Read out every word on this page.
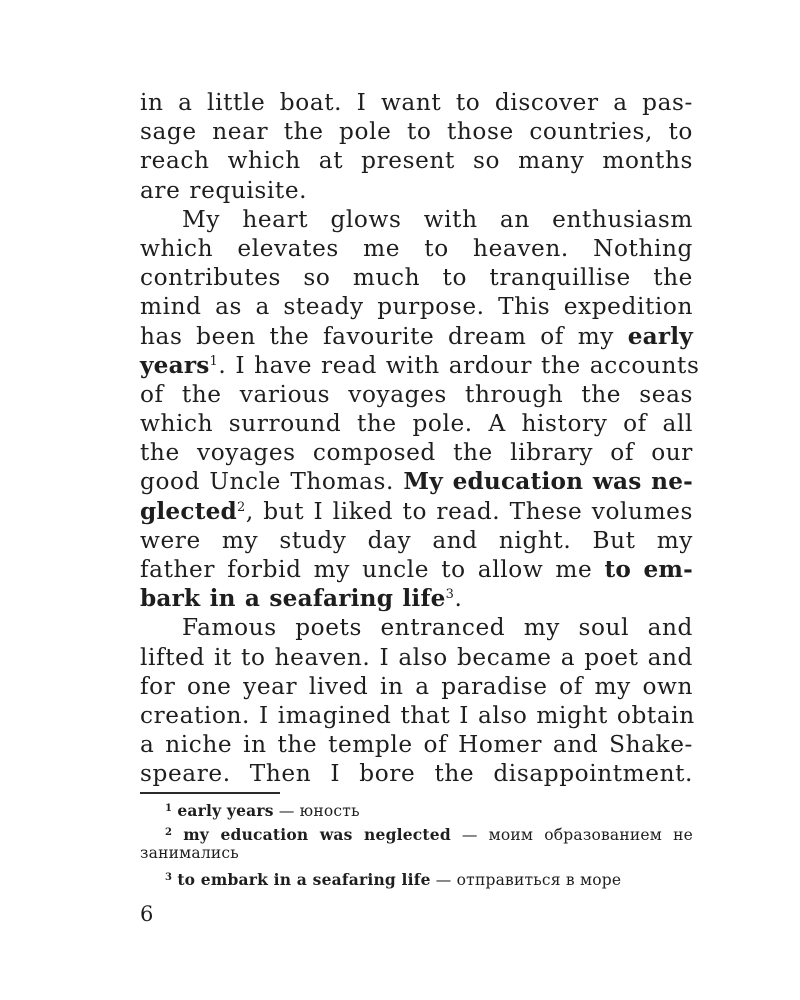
in a little boat. I want to discover a pas-
sage near the pole to those countries, to
reach which at present so many months
are requisite.
My heart glows with an enthusiasm
which elevates me to heaven. Nothing
contributes so much to tranquillise the
mind as a steady purpose. This expedition
has been the favourite dream of my early
years$^1$. I have read with ardour the accounts
of the various voyages through the seas
which surround the pole. A history of all
the voyages composed the library of our
good Uncle Thomas. My education was ne-
glected$^2$, but I liked to read. These volumes
were my study day and night. But my
father forbid my uncle to allow me to em-
bark in a seafaring life$^3$.
Famous poets entranced my soul and
lifted it to heaven. I also became a poet and
for one year lived in a paradise of my own
creation. I imagined that I also might obtain
a niche in the temple of Homer and Shake-
speare. Then I bore the disappointment.
$^1$ early years — юность
$^2$ my education was neglected — моим образованием не
занимались
$^3$ to embark in a seafaring life — отправиться в море
6
